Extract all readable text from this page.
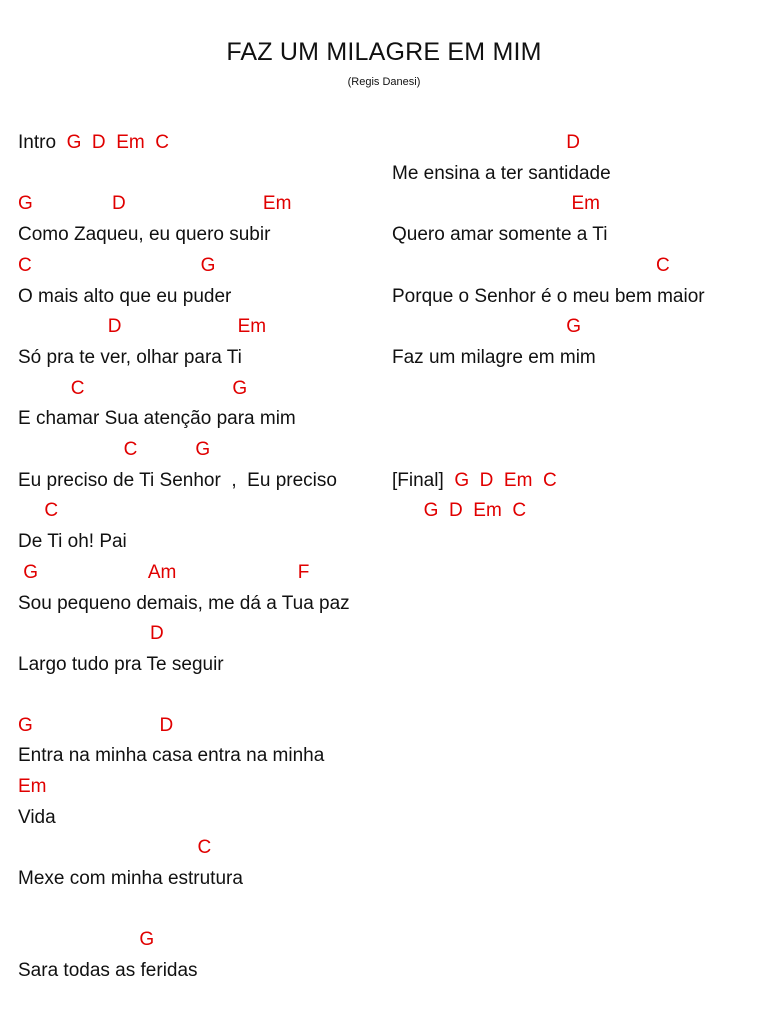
FAZ UM MILAGRE EM MIM
(Regis Danesi)
Intro G  D  Em  C
G               D                          Em
Como Zaqueu, eu quero subir
C                                G
O mais alto que eu puder
D                      Em
Só pra te ver, olhar para Ti
C                            G
E chamar Sua atenção para mim
C           G
Eu preciso de Ti Senhor  ,  Eu preciso
C
De Ti oh! Pai
G                     Am                       F
Sou pequeno demais, me dá a Tua paz
D
Largo tudo pra Te seguir
G                        D
Entra na minha casa entra na minha
Em
Vida
C
Mexe com minha estrutura
G
Sara todas as feridas
D
Me ensina a ter santidade
Em
Quero amar somente a Ti
C
Porque o Senhor é o meu bem maior
G
Faz um milagre em mim
[Final] G  D  Em  C
G  D  Em  C
